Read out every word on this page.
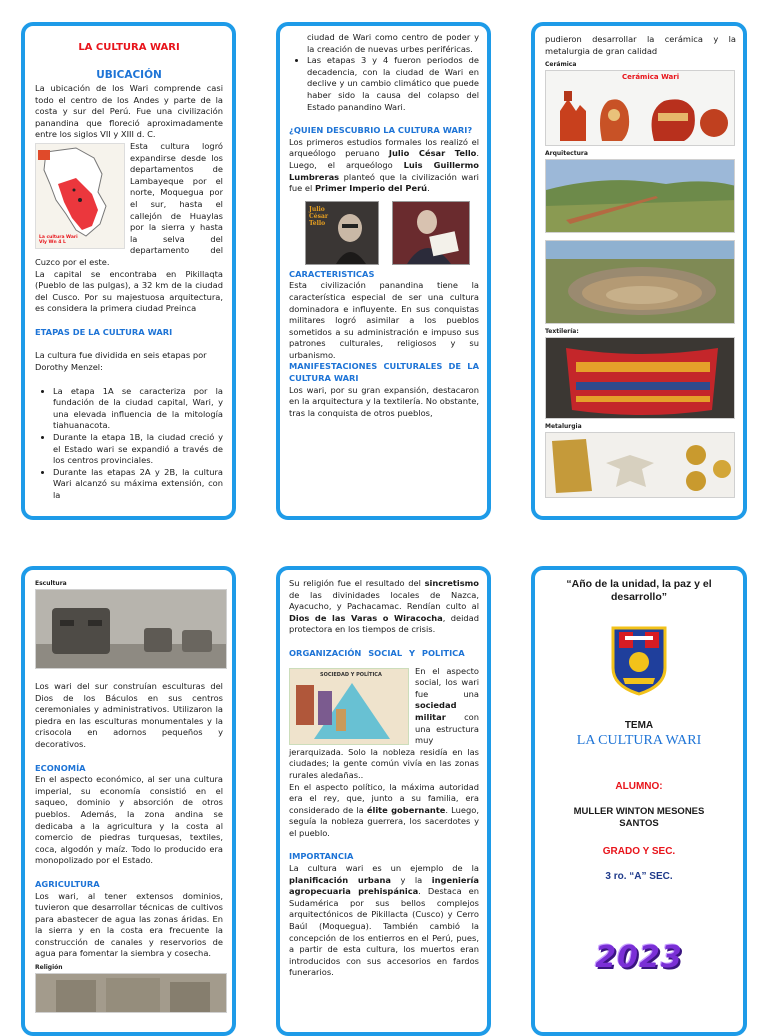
LA CULTURA WARI

UBICACIÓN

La ubicación de los Wari comprende casi todo el centro de los Andes y parte de la costa y sur del Perú. Fue una civilización panandina que floreció aproximadamente entre los siglos VII y XIII d. C.

La cultura Wari Vly Wn 4 L

Esta cultura logró expandirse desde los departamentos de Lambayeque por el norte, Moquegua por el sur, hasta el callejón de Huaylas por la sierra y hasta la selva del departamento del Cuzco por el este.

La capital se encontraba en Pikillaqta (Pueblo de las pulgas), a 32 km de la ciudad del Cusco. Por su majestuosa arquitectura, es considera la primera ciudad Preinca

ETAPAS DE LA CULTURA WARI

La cultura fue dividida en seis etapas por Dorothy Menzel:

• La etapa 1A se caracteriza por la fundación de la ciudad capital, Wari, y una elevada influencia de la mitología tiahuanacota.
• Durante la etapa 1B, la ciudad creció y el Estado wari se expandió a través de los centros provinciales.
• Durante las etapas 2A y 2B, la cultura Wari alcanzó su máxima extensión, con la

ciudad de Wari como centro de poder y la creación de nuevas urbes periféricas.

• Las etapas 3 y 4 fueron periodos de decadencia, con la ciudad de Wari en declive y un cambio climático que puede haber sido la causa del colapso del Estado panandino Wari.

¿QUIEN DESCUBRIO LA CULTURA WARI?

Los primeros estudios formales los realizó el arqueólogo peruano Julio César Tello. Luego, el arqueólogo Luis Guillermo Lumbreras planteó que la civilización wari fue el Primer Imperio del Perú.

Julio César Tello

CARACTERISTICAS

Esta civilización panandina tiene la característica especial de ser una cultura dominadora e influyente. En sus conquistas militares logró asimilar a los pueblos sometidos a su administración e impuso sus patrones culturales, religiosos y su urbanismo.

MANIFESTACIONES CULTURALES DE LA CULTURA WARI

Los wari, por su gran expansión, destacaron en la arquitectura y la textilería. No obstante, tras la conquista de otros pueblos,

pudieron desarrollar la cerámica y la metalurgia de gran calidad

Cerámica
Cerámica Wari
Arquitectura
Textilería:
Metalurgia
Escultura

Los wari del sur construían esculturas del Dios de los Báculos en sus centros ceremoniales y administrativos. Utilizaron la piedra en las esculturas monumentales y la crisocola en adornos pequeños y decorativos.

ECONOMÍA

En el aspecto económico, al ser una cultura imperial, su economía consistió en el saqueo, dominio y absorción de otros pueblos. Además, la zona andina se dedicaba a la agricultura y la costa al comercio de piedras turquesas, textiles, coca, algodón y maíz. Todo lo producido era monopolizado por el Estado.

AGRICULTURA

Los wari, al tener extensos dominios, tuvieron que desarrollar técnicas de cultivos para abastecer de agua las zonas áridas. En la sierra y en la costa era frecuente la construcción de canales y reservorios de agua para fomentar la siembra y cosecha.

Religión

Su religión fue el resultado del sincretismo de las divinidades locales de Nazca, Ayacucho, y Pachacamac. Rendían culto al Dios de las Varas o Wiracocha, deidad protectora en los tiempos de crisis.

ORGANIZACIÓN SOCIAL Y POLITICA

SOCIEDAD Y POLÍTICA	En el aspecto social, los wari fue una sociedad militar con una estructura muy jerarquizada. Solo la nobleza residía en las ciudades; la gente común vivía en las zonas rurales aledañas..

En el aspecto político, la máxima autoridad era el rey, que, junto a su familia, era considerado de la élite gobernante. Luego, seguía la nobleza guerrera, los sacerdotes y el pueblo.

IMPORTANCIA

La cultura wari es un ejemplo de la planificación urbana y la ingeniería agropecuaria prehispánica. Destaca en Sudamérica por sus bellos complejos arquitectónicos de Pikillacta (Cusco) y Cerro Baúl (Moquegua). También cambió la concepción de los entierros en el Perú, pues, a partir de esta cultura, los muertos eran introducidos con sus accesorios en fardos funerarios.

“Año de la unidad, la paz y el desarrollo”

TEMA

LA CULTURA WARI

ALUMNO:

MULLER WINTON MESONES SANTOS

GRADO Y SEC.

3 ro. “A” SEC.

2023
